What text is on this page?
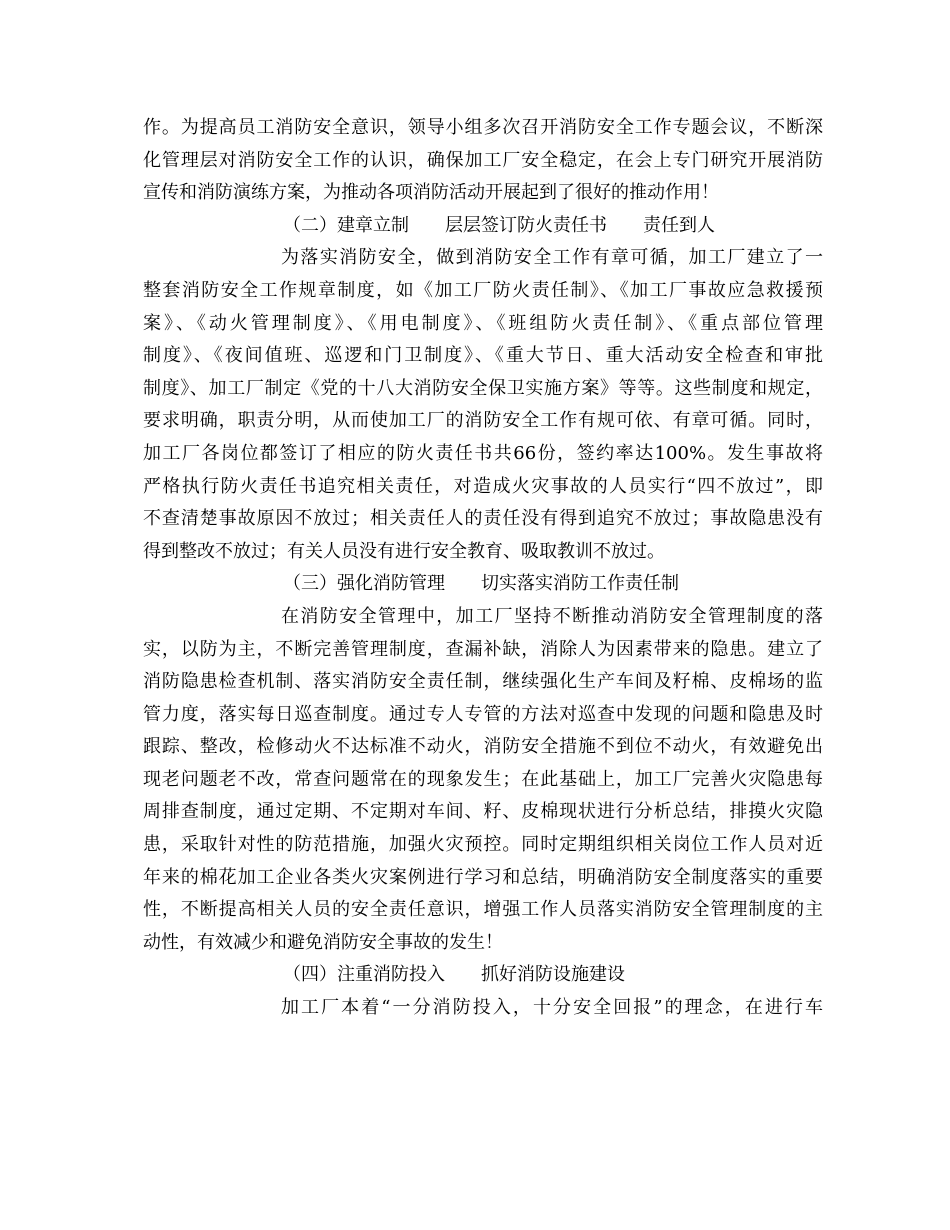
作。为提高员工消防安全意识，领导小组多次召开消防安全工作专题会议，不断深
化管理层对消防安全工作的认识，确保加工厂安全稳定，在会上专门研究开展消防
宣传和消防演练方案，为推动各项消防活动开展起到了很好的推动作用！
（二）建章立制　　层层签订防火责任书　　责任到人
为落实消防安全，做到消防安全工作有章可循，加工厂建立了一
整套消防安全工作规章制度，如《加工厂防火责任制》、《加工厂事故应急救援预
案》、《动火管理制度》、《用电制度》、《班组防火责任制》、《重点部位管理
制度》、《夜间值班、巡逻和门卫制度》、《重大节日、重大活动安全检查和审批
制度》、加工厂制定《党的十八大消防安全保卫实施方案》等等。这些制度和规定，
要求明确，职责分明，从而使加工厂的消防安全工作有规可依、有章可循。同时，
加工厂各岗位都签订了相应的防火责任书共66份，签约率达100%。发生事故将
严格执行防火责任书追究相关责任，对造成火灾事故的人员实行“四不放过”，即
不查清楚事故原因不放过；相关责任人的责任没有得到追究不放过；事故隐患没有
得到整改不放过；有关人员没有进行安全教育、吸取教训不放过。
（三）强化消防管理　　切实落实消防工作责任制
在消防安全管理中，加工厂坚持不断推动消防安全管理制度的落
实，以防为主，不断完善管理制度，查漏补缺，消除人为因素带来的隐患。建立了
消防隐患检查机制、落实消防安全责任制，继续强化生产车间及籽棉、皮棉场的监
管力度，落实每日巡查制度。通过专人专管的方法对巡查中发现的问题和隐患及时
跟踪、整改，检修动火不达标准不动火，消防安全措施不到位不动火，有效避免出
现老问题老不改，常查问题常在的现象发生；在此基础上，加工厂完善火灾隐患每
周排查制度，通过定期、不定期对车间、籽、皮棉现状进行分析总结，排摸火灾隐
患，采取针对性的防范措施，加强火灾预控。同时定期组织相关岗位工作人员对近
年来的棉花加工企业各类火灾案例进行学习和总结，明确消防安全制度落实的重要
性，不断提高相关人员的安全责任意识，增强工作人员落实消防安全管理制度的主
动性，有效减少和避免消防安全事故的发生！
（四）注重消防投入　　抓好消防设施建设
加工厂本着“一分消防投入，十分安全回报”的理念，在进行车
